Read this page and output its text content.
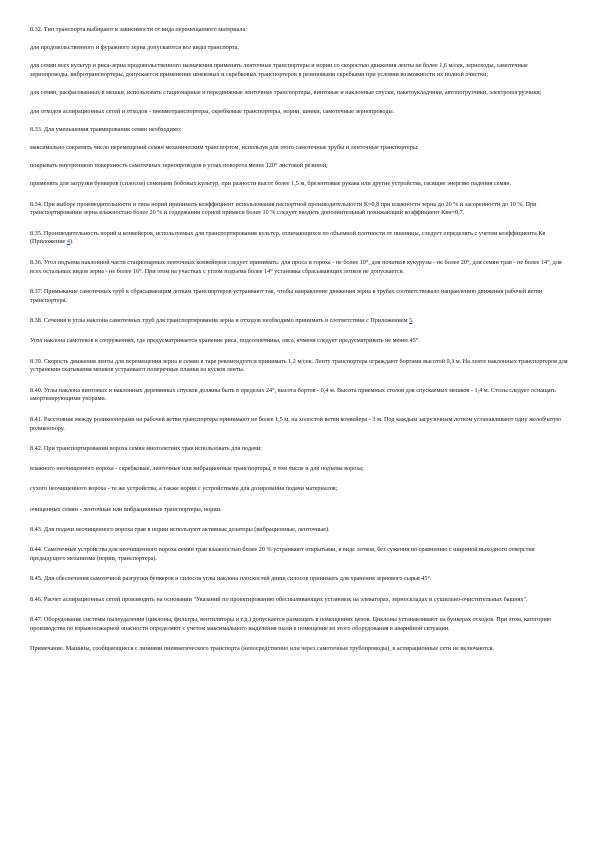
8.32. Тип транспорта выбирают в зависимости от вида перемещаемого материала:

для продовольственного и фуражного зерна допускаются все виды транспорта;

для семян всех культур и риса-зерна продовольственного назначения применять ленточные транспортеры и нории со скоростью движения ленты не более 1,6 м/сек, зерноходы, самотечные зернопроводы, вибротранспортеры, допускается применение шнековых и скребковых транспортеров в резиновыми скребками при условии возможности их полной очистки;

для семян, расфасованных в мешки, использовать стационарные и передвижные ленточные транспортеры, винтовые и наклонные спуски, пакетоукладчики, автопогрузчики, электропогрузчики;

для отходов аспирационных сетей и отходов - пневмотранспортеры, скребковые транспортеры, нории, шнеки, самотечные зернопроводы.

8.33. Для уменьшения травмирования семян необходимо:

максимально сократить число перемещений семян механическим транспортом, используя для этого самотечные трубы и ленточные транспортеры;

покрывать внутреннюю поверхность самотечных зернопроводов в углах поворота менее 120° листовой резиной;

применять для загрузки бункеров (силосов) семенами бобовых культур, при разности высот более 1,5 м, брезентовые рукава или другие устройства, гасящие энергию падения семян.

8.34. При выборе производительности и типа норий принимать коэффициент использования паспортной производительности К=0,8 при влажности зерна до 20 % и засоренности до 10 %. При транспортировании зерна влажностью более 20 % и содержании сорной примеси более 10 % следует вводить дополнительный понижающий коэффициент Квн=0,7.

8.35. Производительность норий и конвейеров, используемых для транспортирования культур, отличающихся по объемной плотности от пшеницы, следует определять с учетом коэффициента Кв (Приложение 4).

8.36. Угол подъема наклонной части стационарных ленточных конвейеров следует принимать: для проса и гороха - не более 10°, для початков кукурузы - не более 20°, для семян трав - не более 14°, для всех остальных видов зерна - не более 16°. При этом на участках с углом подъема более 14° установка сбрасывающих лотков не допускается.

8.37. Примыкание самотечных труб к сбрасывающим лоткам транспортеров устраивают так, чтобы направление движения зерна в трубах соответствовало направлению движения рабочей ветви транспортера.

8.38. Сечения и углы наклона самотечных труб для транспортирования зерна и отходов необходимо принимать в соответствии с Приложением 5.

Угол наклона самотеков в сооружениях, где предусматривается хранение риса, подсолнечника, овса, ячменя следует предусматривать не менее 45°.

8.39. Скорость движения ленты для перемещения зерна и семян в таре рекомендуется принимать 1,2 м/сек. Ленту транспортера ограждают бортами высотой 0,3 м. На ленте наклонных транспортеров для устранения скатывания мешков устраивают поперечные планки из кусков ленты.

8.40. Углы наклона винтовых и наклонных деревянных спусков должны быть в пределах 24°, высота бортов - 0,4 м. Высота приемных столов для спускаемых мешков - 1,4 м. Столы следует оснащать амортизирующими упорами.

8.41. Расстояние между роликоопорами на рабочей ветви транспортера принимают не более 1,5 м, на холостой ветви конвейера - 3 м. Под каждым загрузочным лотком устанавливают одну желобчатую роликоопору.

8.42. При транспортировании вороха семян многолетних трав использовать для подачи:

влажного неочищенного вороха - скребковые, ленточные или вибрационные транспортеры, в том числе и для подъема вороха;

сухого неочищенного вороха - те же устройства, а также нории с устройствами для дозирования подачи материалов;

очищенных семян - ленточные или вибрационные транспортеры, нории.

8.43. Для подачи неочищенного вороха трав в нории используют активные дозаторы (вибрационные, ленточные).

8.44. Самотечные устройства для неочищенного вороха семян трав влажностью более 20 % устраивают открытыми, в виде лотков, без сужения по сравнению с шириной выходного отверстия предыдущего механизма (нории, транспортера).

8.45. Для обеспечения самотечной разгрузки бункеров и силосов углы наклона плоскостей днищ силосов принимать для хранения зернового сырья 45°.

8.46. Расчет аспирационных сетей производить на основании "Указаний по проектированию обеспыливающих установок на элеваторах, зерноскладах и сушильно-очистительных башнях".

8.47. Оборудование системы пылеудаления (циклоны, фильтры, вентиляторы и т.д.) допускается размещать в помещениях цехов. Циклоны устанавливают на бункерах отходов. При этом, категорию производства по взрывопожарной опасности определяют с учетом максимального выделения пыли в помещение из этого оборудования в аварийной ситуации.

Примечание. Машины, сообщающиеся с линиями пневматического транспорта (непосредственно или через самотечные трубопроводы), в аспирационные сети не включаются.
